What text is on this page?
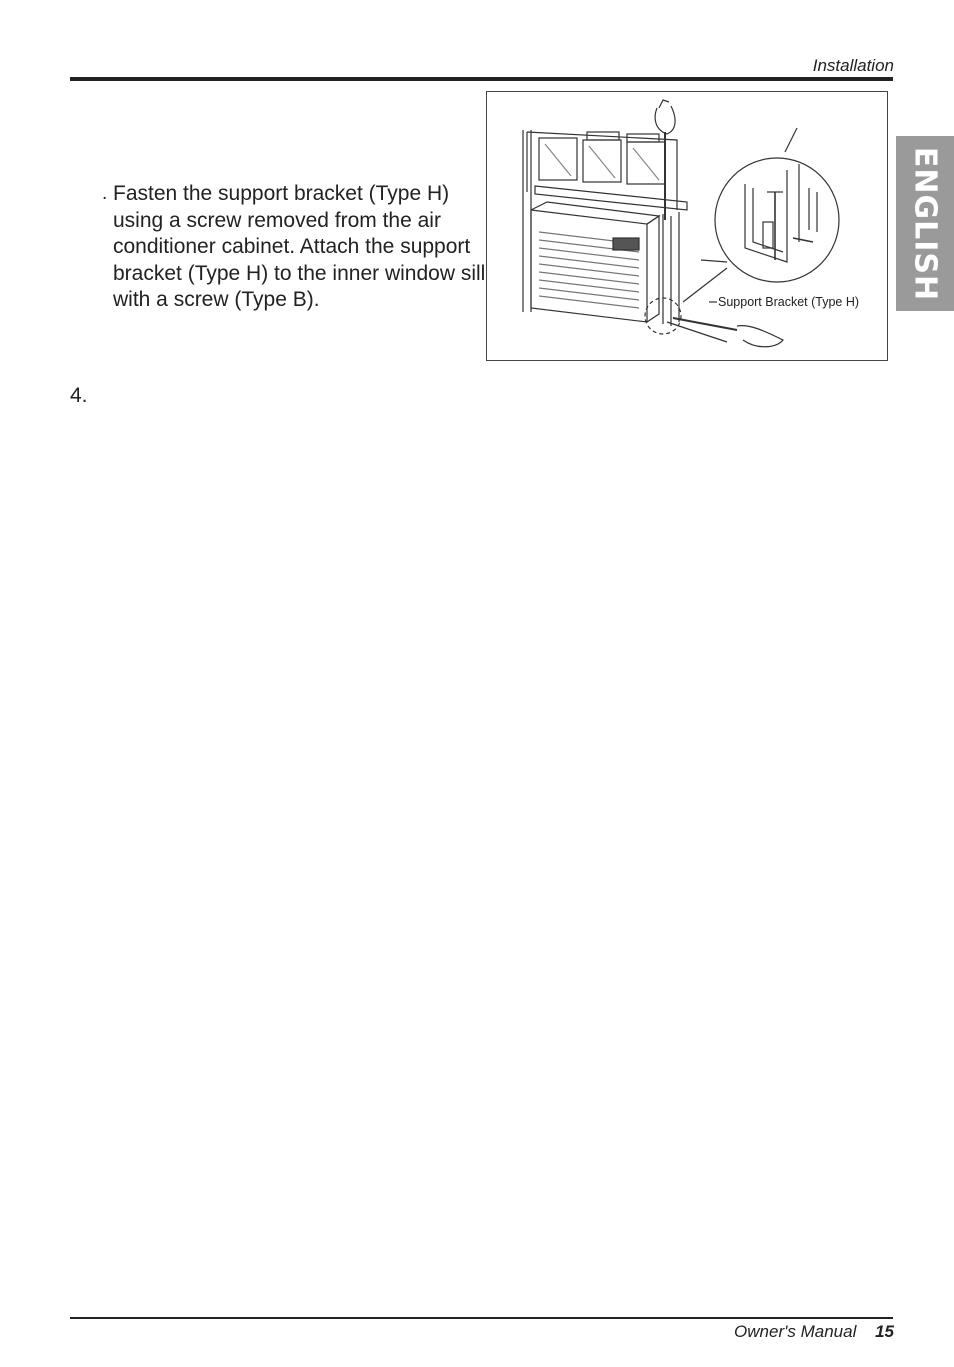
Installation
ENGLISH
. Fasten the support bracket (Type H) using a screw removed from the air conditioner cabinet. Attach the support bracket (Type H) to the inner window sill with a screw (Type B).	Support Bracket (Type H)
4.
Owner's Manual 15
